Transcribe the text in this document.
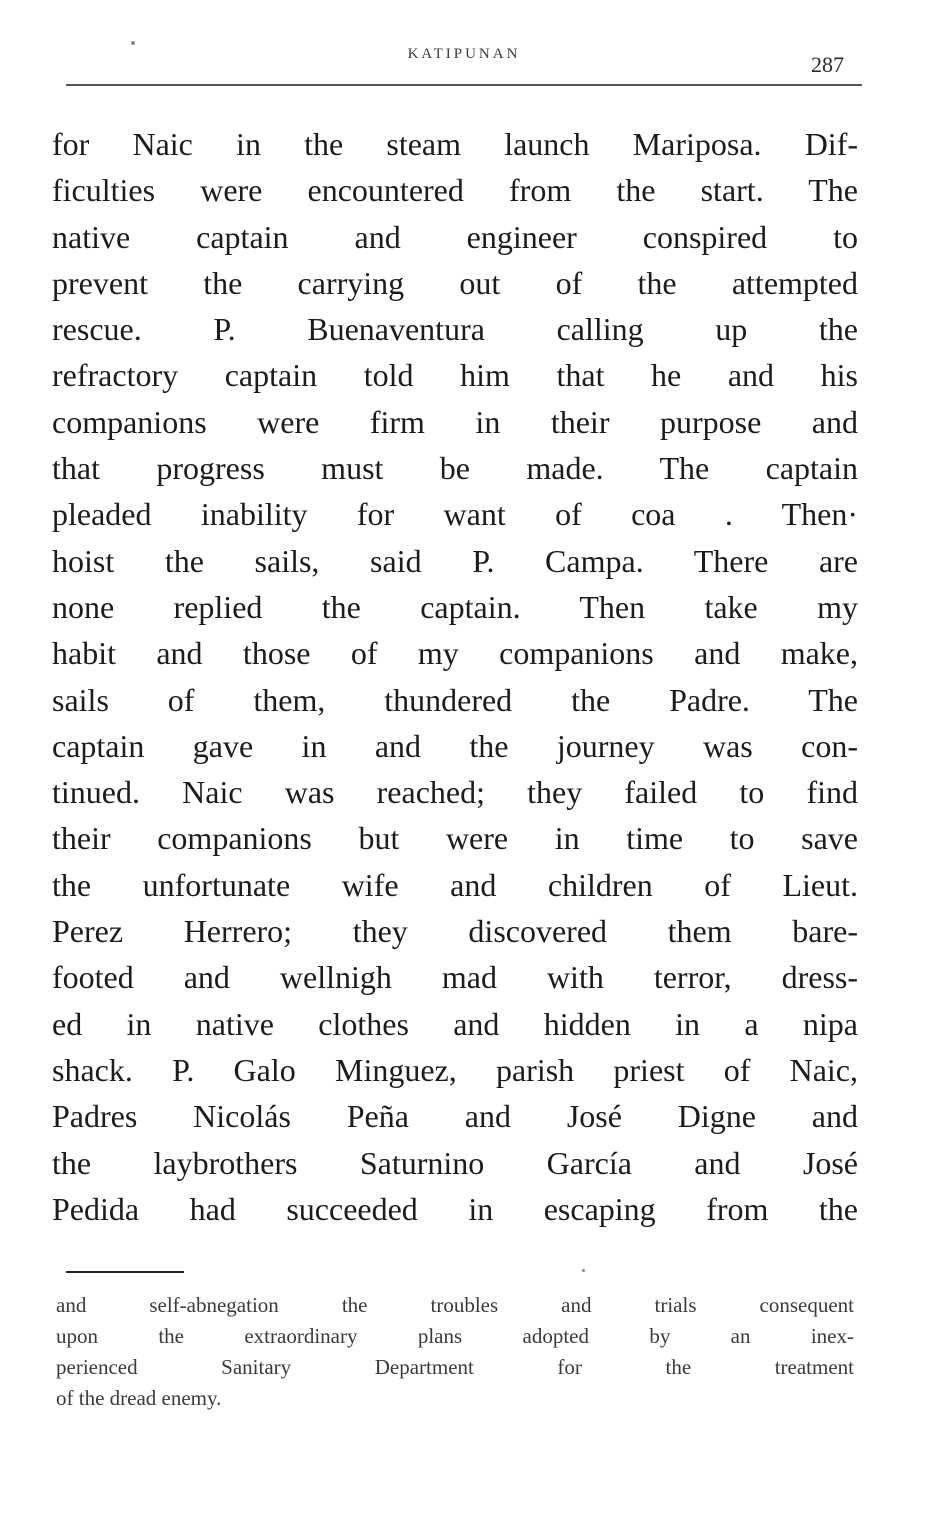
KATIPUNAN	287
for Naic in the steam launch Mariposa. Dif-
ficulties were encountered from the start. The
native captain and engineer conspired to
prevent the carrying out of the attempted
rescue. P. Buenaventura calling up the
refractory captain told him that he and his
companions were firm in their purpose and
that progress must be made. The captain
pleaded inability for want of coa . Then·
hoist the sails, said P. Campa. There are
none replied the captain. Then take my
habit and those of my companions and make,
sails of them, thundered the Padre. The
captain gave in and the journey was con-
tinued. Naic was reached; they failed to find
their companions but were in time to save
the unfortunate wife and children of Lieut.
Perez Herrero; they discovered them bare-
footed and wellnigh mad with terror, dress-
ed in native clothes and hidden in a nipa
shack. P. Galo Minguez, parish priest of Naic,
Padres Nicolás Peña and José Digne and
the laybrothers Saturnino García and José
Pedida had succeeded in escaping from the
and self-abnegation the troubles and trials consequent
upon the extraordinary plans adopted by an inex-
perienced Sanitary Department for the treatment
of the dread enemy.
